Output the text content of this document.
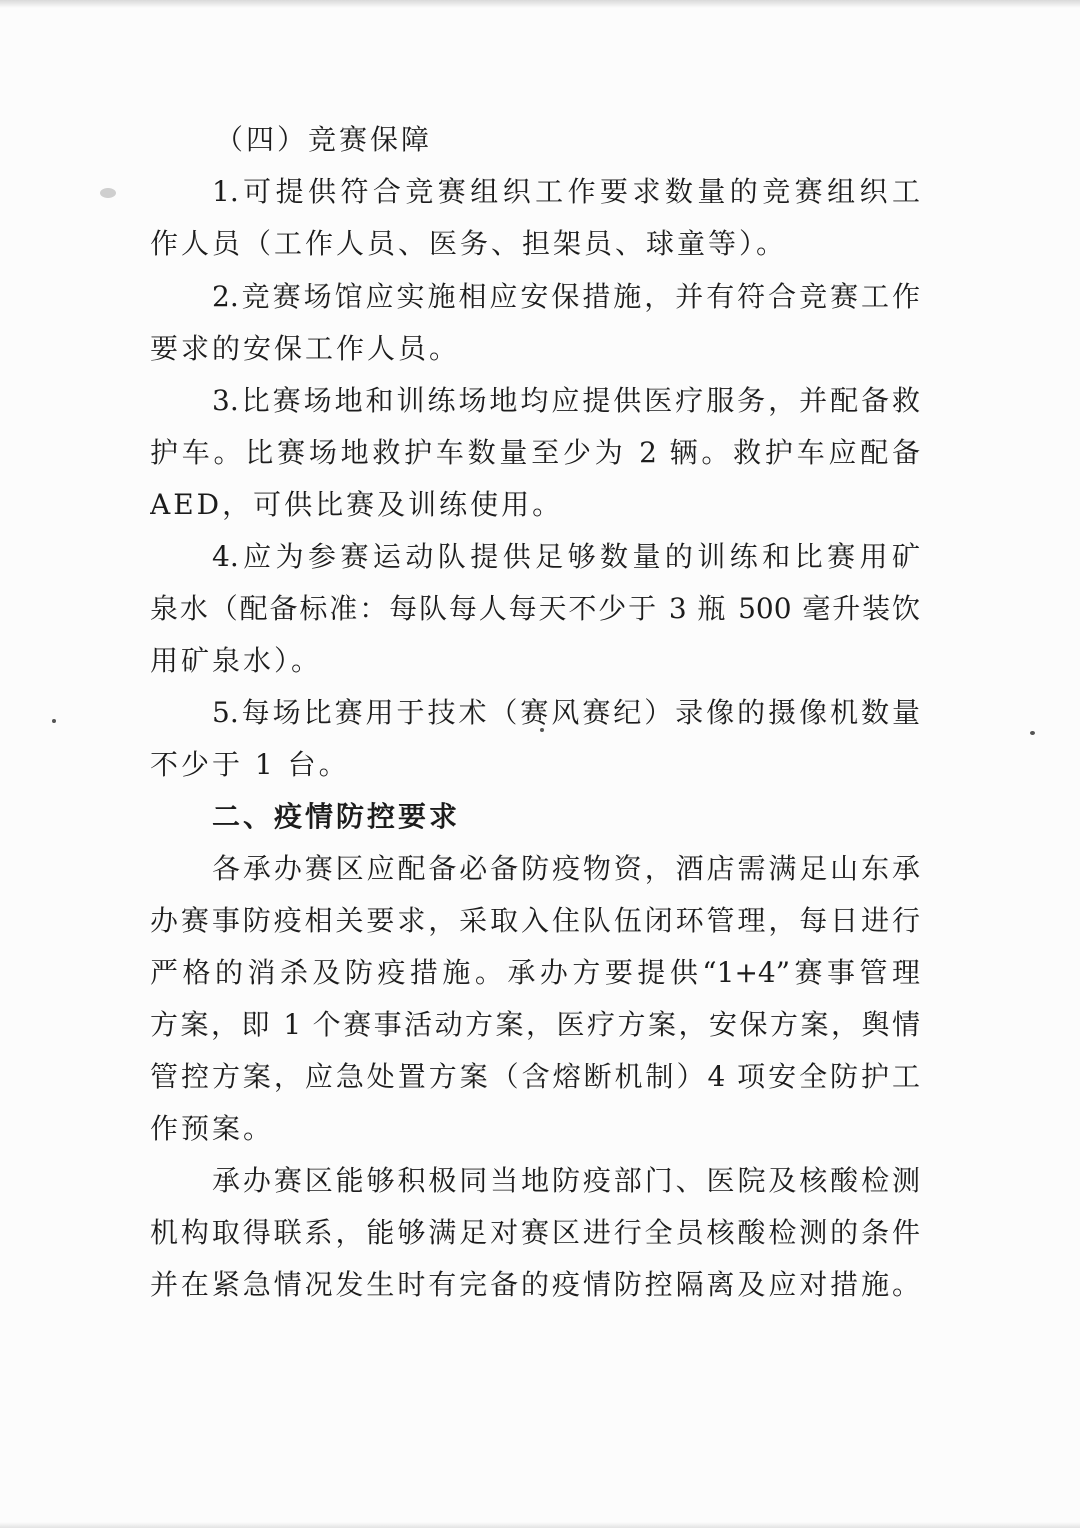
（四）竞赛保障

1.可提供符合竞赛组织工作要求数量的竞赛组织工

作人员（工作人员、医务、担架员、球童等）。

2.竞赛场馆应实施相应安保措施，并有符合竞赛工作

要求的安保工作人员。

3.比赛场地和训练场地均应提供医疗服务，并配备救

护车。比赛场地救护车数量至少为 2 辆。救护车应配备

AED，可供比赛及训练使用。

4.应为参赛运动队提供足够数量的训练和比赛用矿

泉水（配备标准：每队每人每天不少于 3 瓶 500 毫升装饮

用矿泉水）。

5.每场比赛用于技术（赛风赛纪）录像的摄像机数量

不少于 1 台。

二、疫情防控要求

各承办赛区应配备必备防疫物资，酒店需满足山东承

办赛事防疫相关要求，采取入住队伍闭环管理，每日进行

严格的消杀及防疫措施。承办方要提供“1+4”赛事管理

方案，即 1 个赛事活动方案，医疗方案，安保方案，舆情

管控方案，应急处置方案（含熔断机制）4 项安全防护工

作预案。

承办赛区能够积极同当地防疫部门、医院及核酸检测

机构取得联系，能够满足对赛区进行全员核酸检测的条件

并在紧急情况发生时有完备的疫情防控隔离及应对措施。
